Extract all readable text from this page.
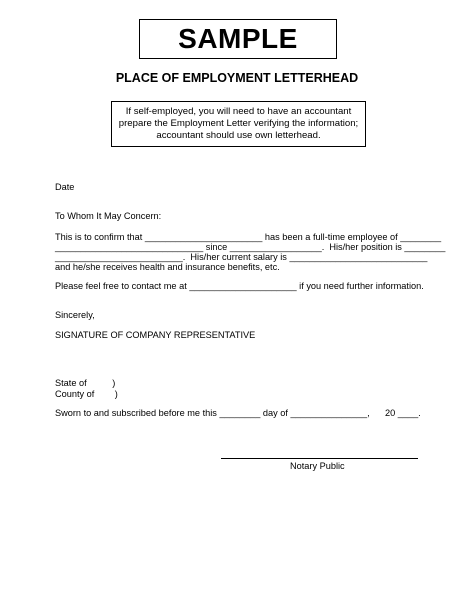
SAMPLE
PLACE OF EMPLOYMENT LETTERHEAD
If self-employed, you will need to have an accountant
prepare the Employment Letter verifying the information;
accountant should use own letterhead.
Date
To Whom It May Concern:
This is to confirm that _______________________ has been a full-time employee of ________
_____________________________ since __________________.  His/her position is ________
_________________________.  His/her current salary is ___________________________
and he/she receives health and insurance benefits, etc.
Please feel free to contact me at _____________________ if you need further information.
Sincerely,
SIGNATURE OF COMPANY REPRESENTATIVE
State of          )
County of        )
Sworn to and subscribed before me this ________ day of _______________,      20 ____.
Notary Public
